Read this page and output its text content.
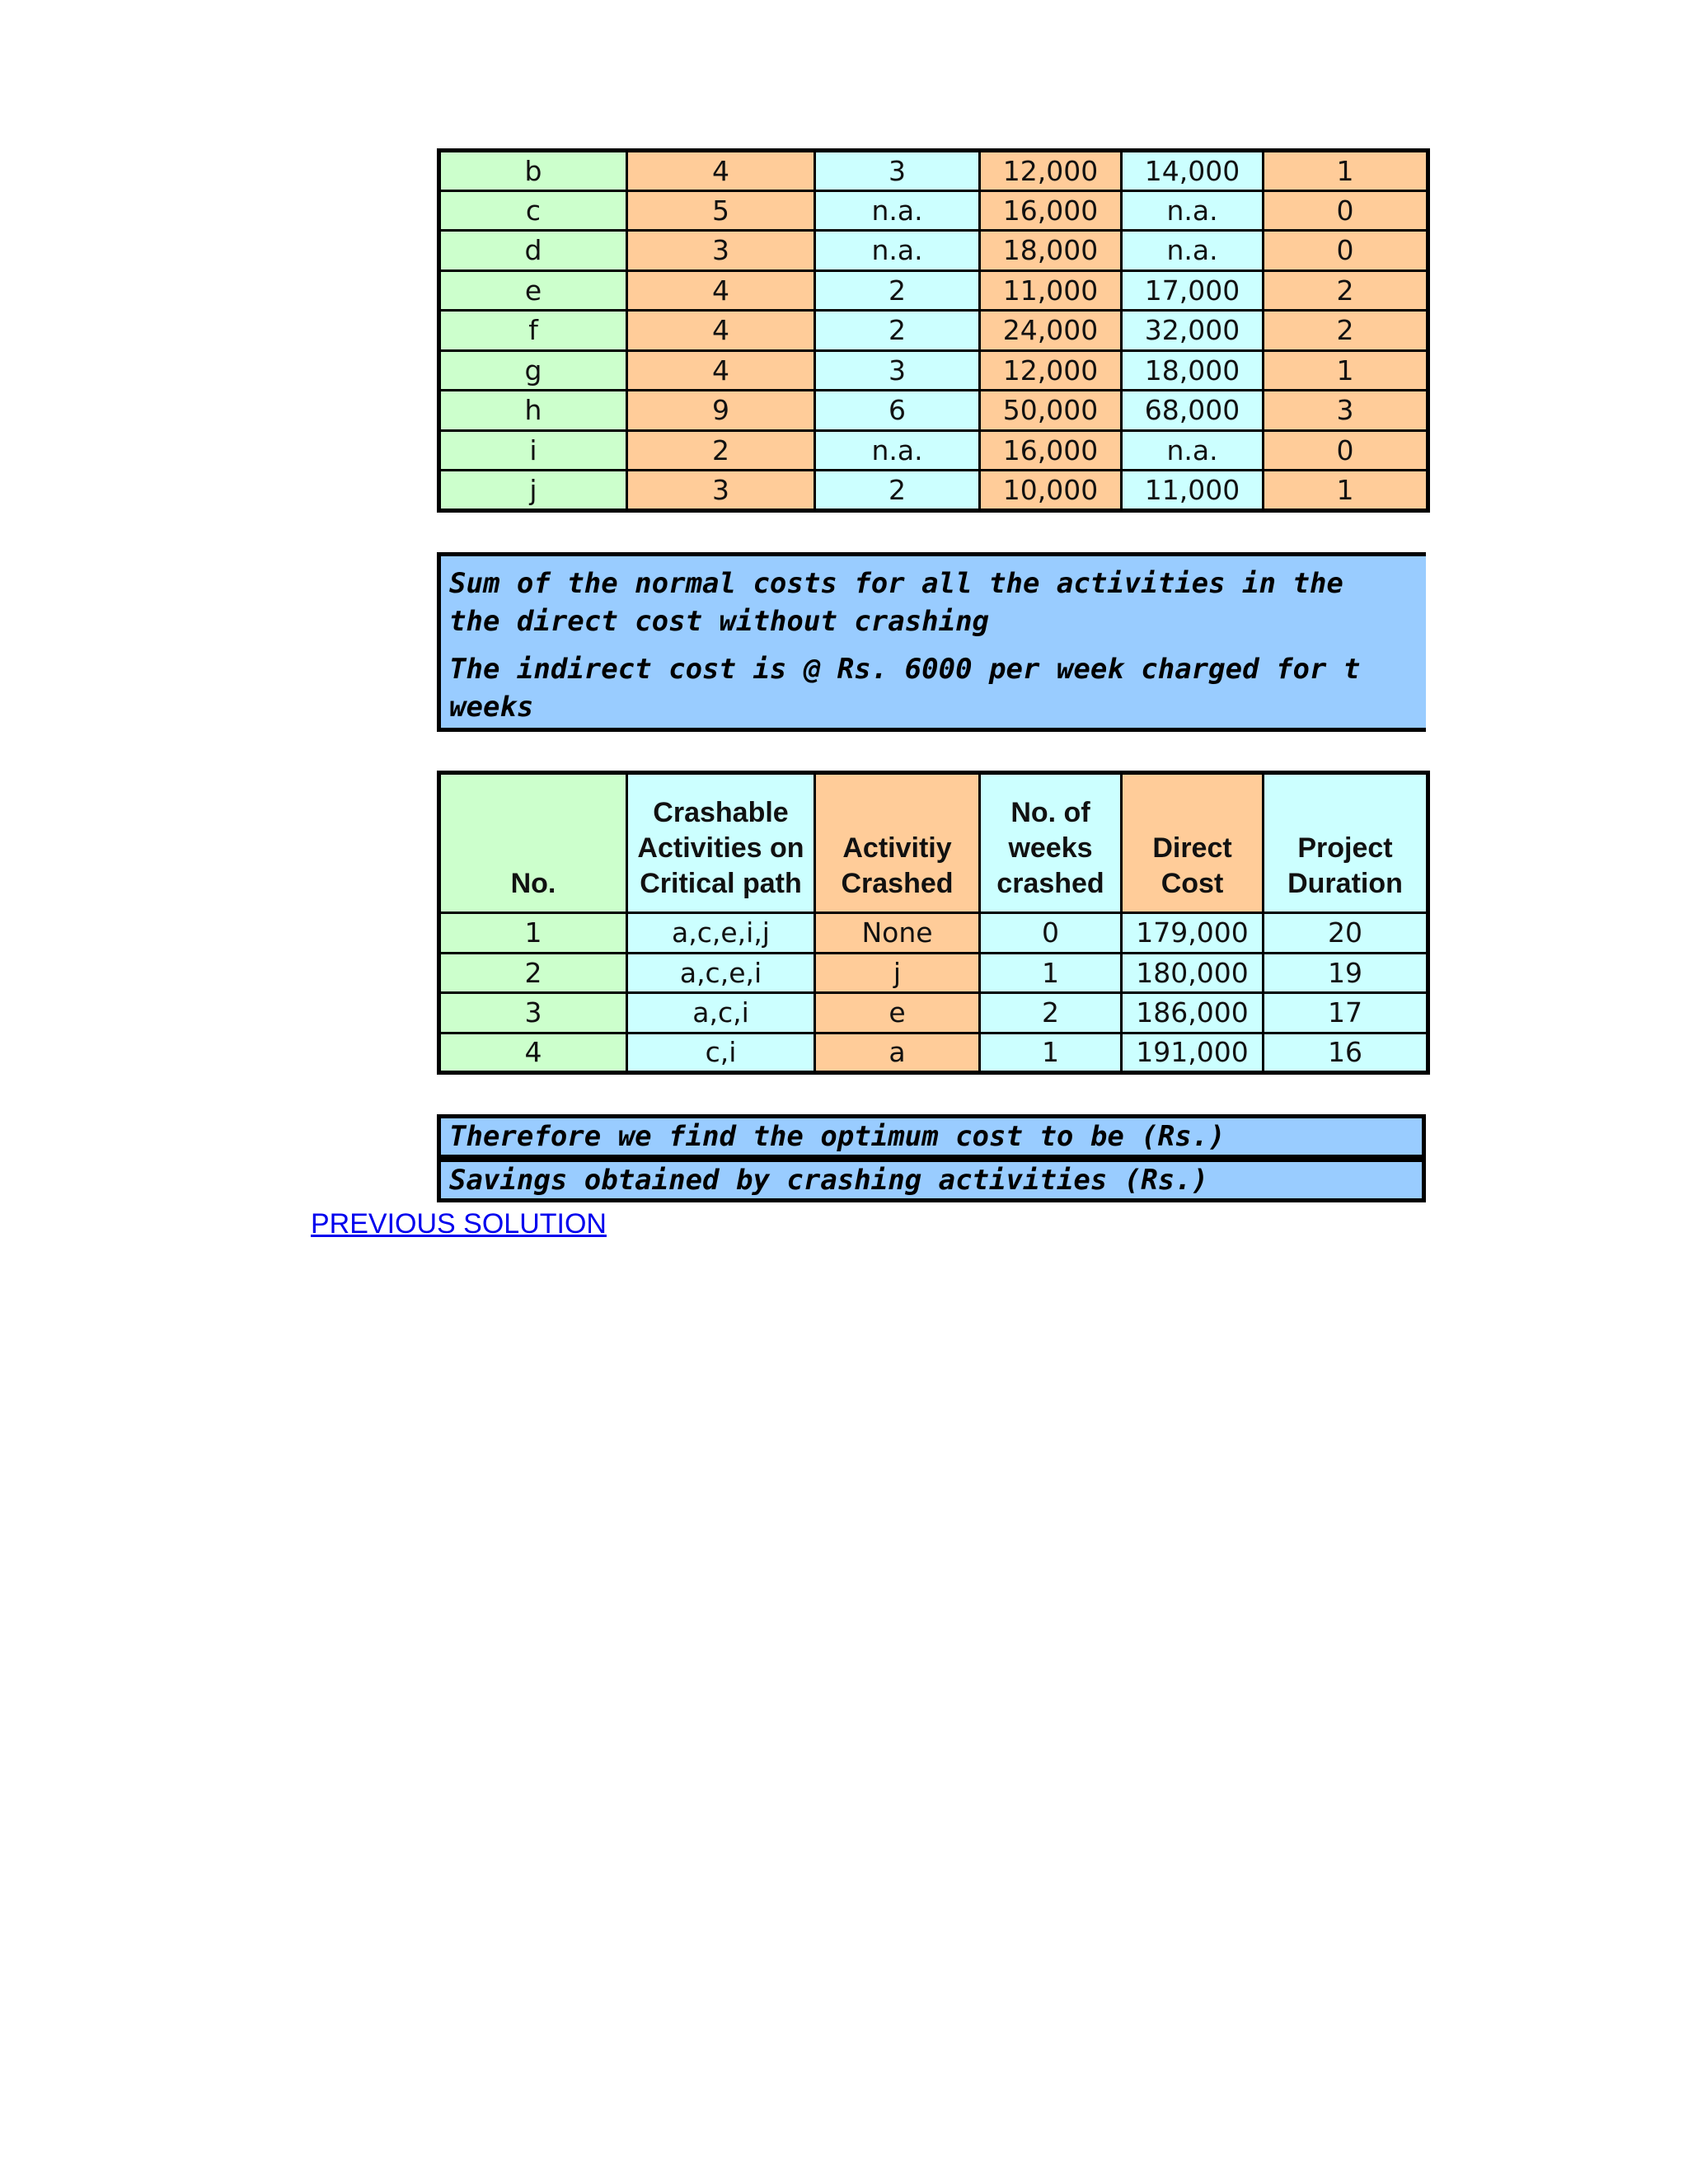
b	4	3	12,000	14,000	1
c	5	n.a.	16,000	n.a.	0
d	3	n.a.	18,000	n.a.	0
e	4	2	11,000	17,000	2
f	4	2	24,000	32,000	2
g	4	3	12,000	18,000	1
h	9	6	50,000	68,000	3
i	2	n.a.	16,000	n.a.	0
j	3	2	10,000	11,000	1
Sum of the normal costs for all the activities in the
the direct cost without crashing
The indirect cost is @ Rs. 6000 per week charged for t
weeks
No.	Crashable Activities on Critical path	Activitiy Crashed	No. of weeks crashed	Direct Cost	Project Duration
1	a,c,e,i,j	None	0	179,000	20
2	a,c,e,i	j	1	180,000	19
3	a,c,i	e	2	186,000	17
4	c,i	a	1	191,000	16
Therefore we find the optimum cost to be (Rs.)
Savings obtained by crashing activities (Rs.)
PREVIOUS SOLUTION
